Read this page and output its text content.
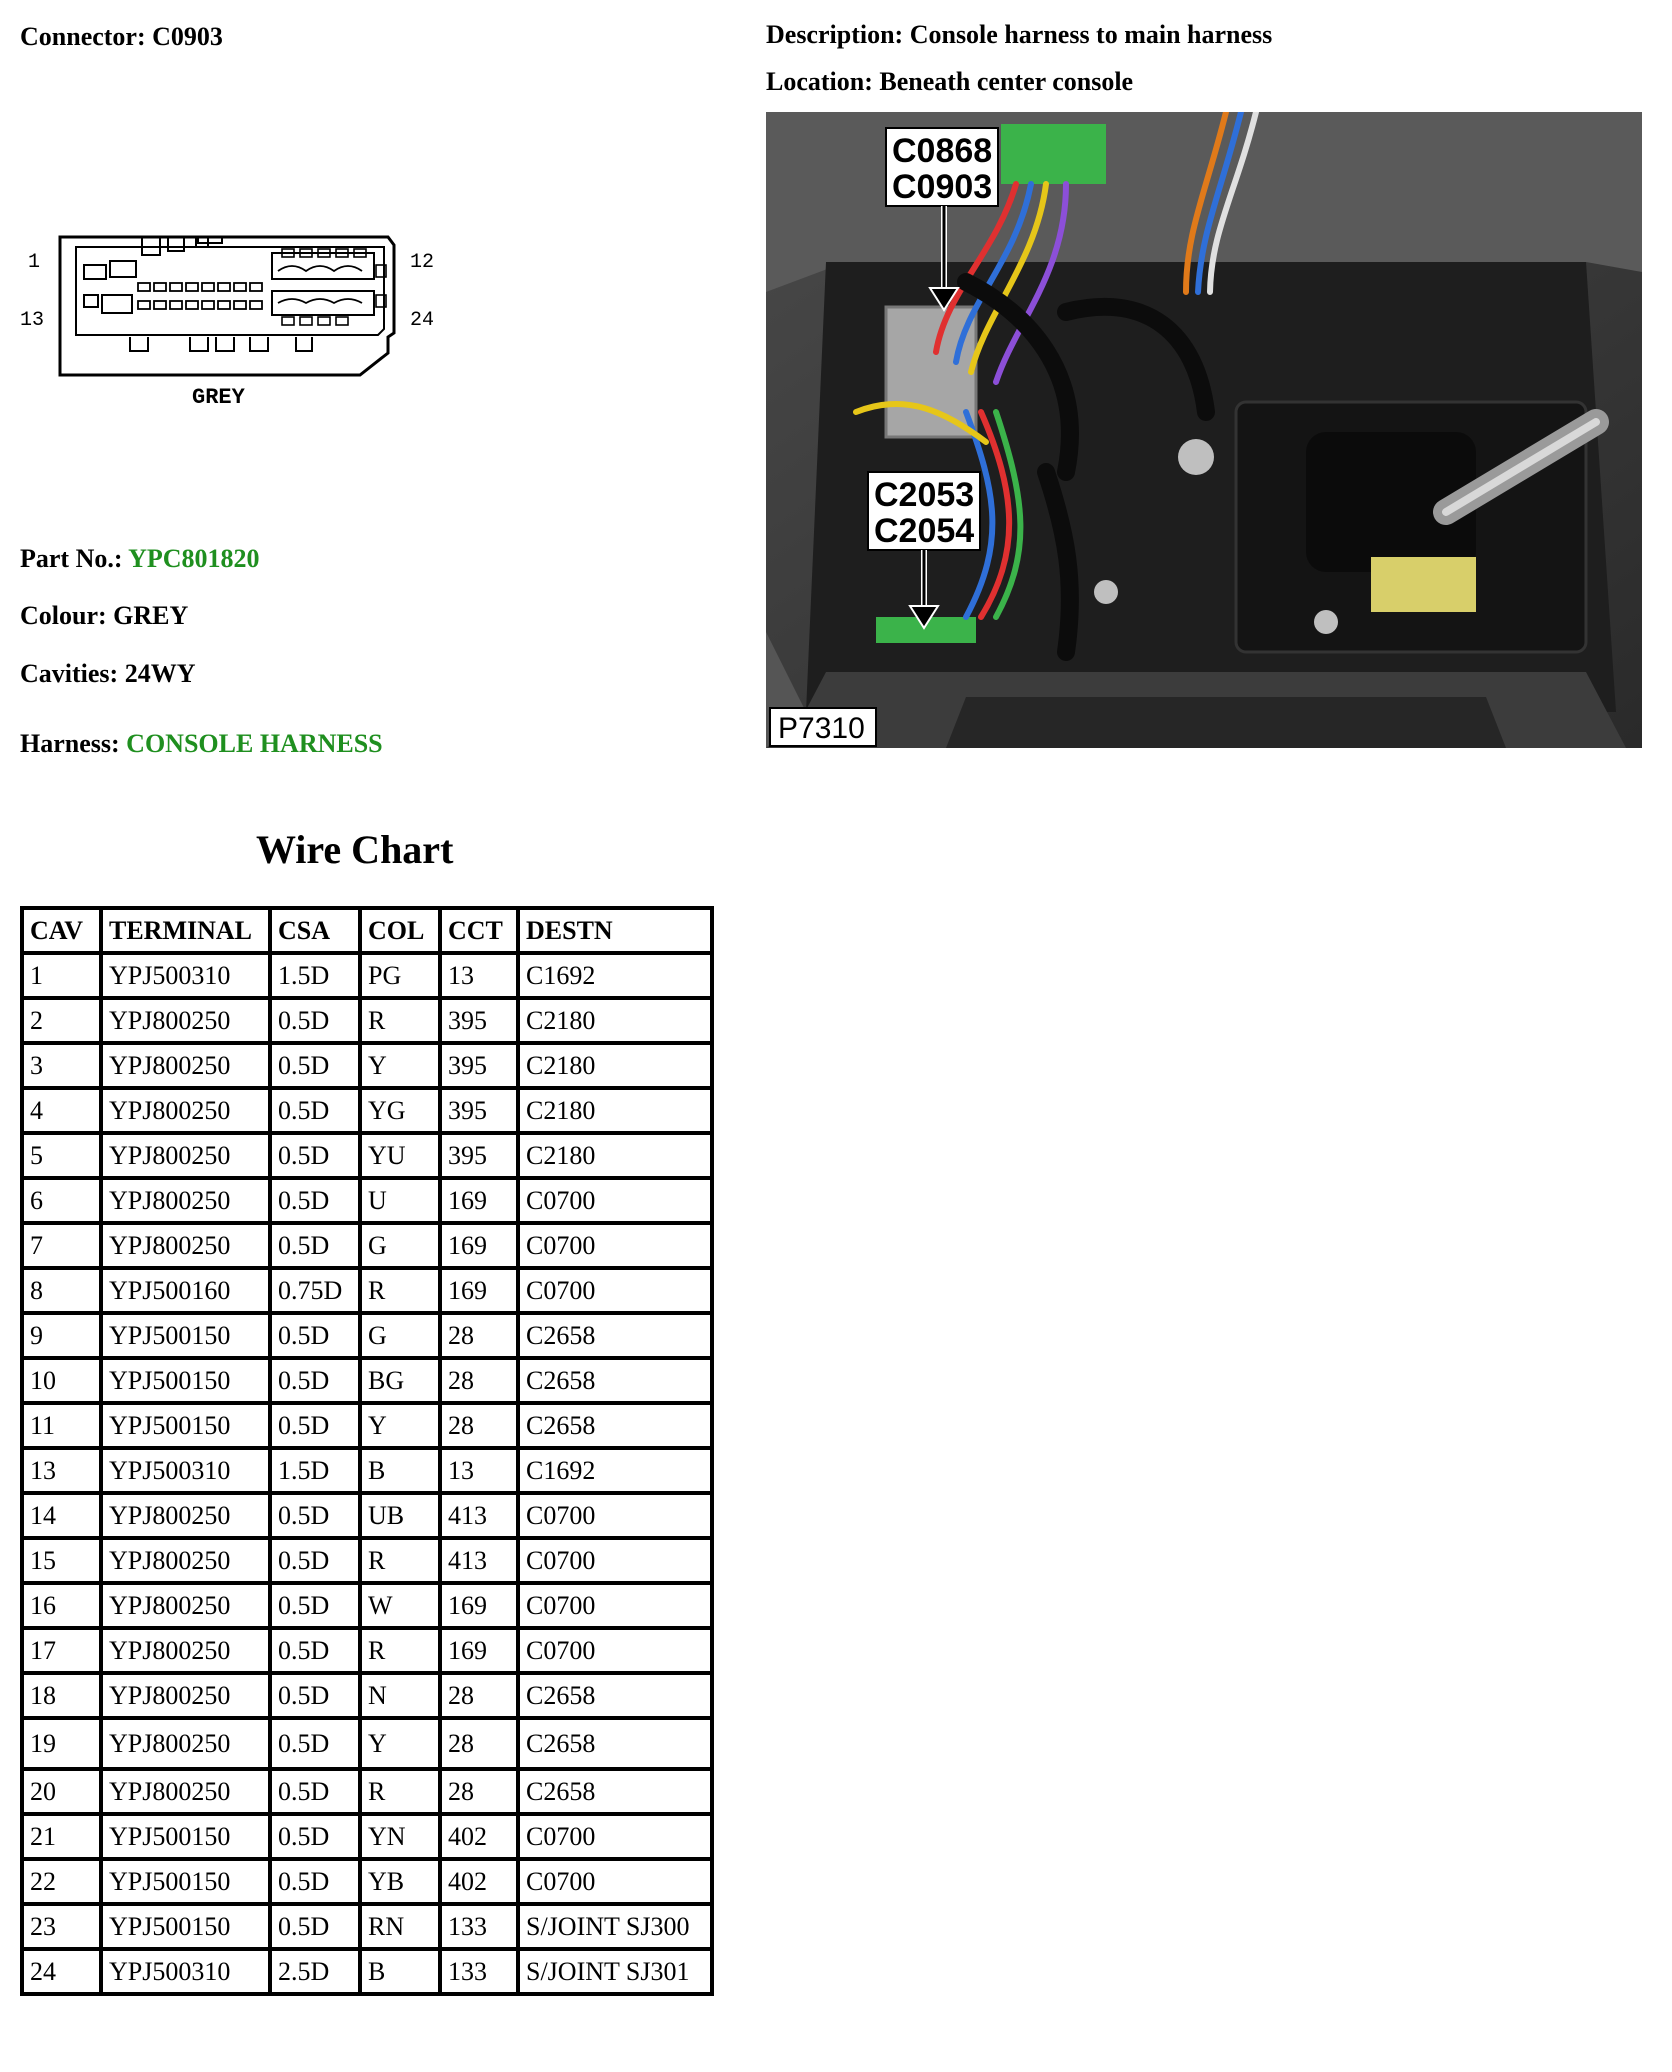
Connector: C0903	Description: Console harness to main harness
Location: Beneath center console
1	12
13	24
GREY
Part No.: YPC801820
Colour: GREY
Cavities: 24WY
Harness: CONSOLE HARNESS
C0868
C0903
C2053
C2054
P7310
Wire Chart
CAV	TERMINAL	CSA	COL	CCT	DESTN
1	YPJ500310	1.5D	PG	13	C1692
2	YPJ800250	0.5D	R	395	C2180
3	YPJ800250	0.5D	Y	395	C2180
4	YPJ800250	0.5D	YG	395	C2180
5	YPJ800250	0.5D	YU	395	C2180
6	YPJ800250	0.5D	U	169	C0700
7	YPJ800250	0.5D	G	169	C0700
8	YPJ500160	0.75D	R	169	C0700
9	YPJ500150	0.5D	G	28	C2658
10	YPJ500150	0.5D	BG	28	C2658
11	YPJ500150	0.5D	Y	28	C2658
13	YPJ500310	1.5D	B	13	C1692
14	YPJ800250	0.5D	UB	413	C0700
15	YPJ800250	0.5D	R	413	C0700
16	YPJ800250	0.5D	W	169	C0700
17	YPJ800250	0.5D	R	169	C0700
18	YPJ800250	0.5D	N	28	C2658
19	YPJ800250	0.5D	Y	28	C2658
20	YPJ800250	0.5D	R	28	C2658
21	YPJ500150	0.5D	YN	402	C0700
22	YPJ500150	0.5D	YB	402	C0700
23	YPJ500150	0.5D	RN	133	S/JOINT SJ300
24	YPJ500310	2.5D	B	133	S/JOINT SJ301
